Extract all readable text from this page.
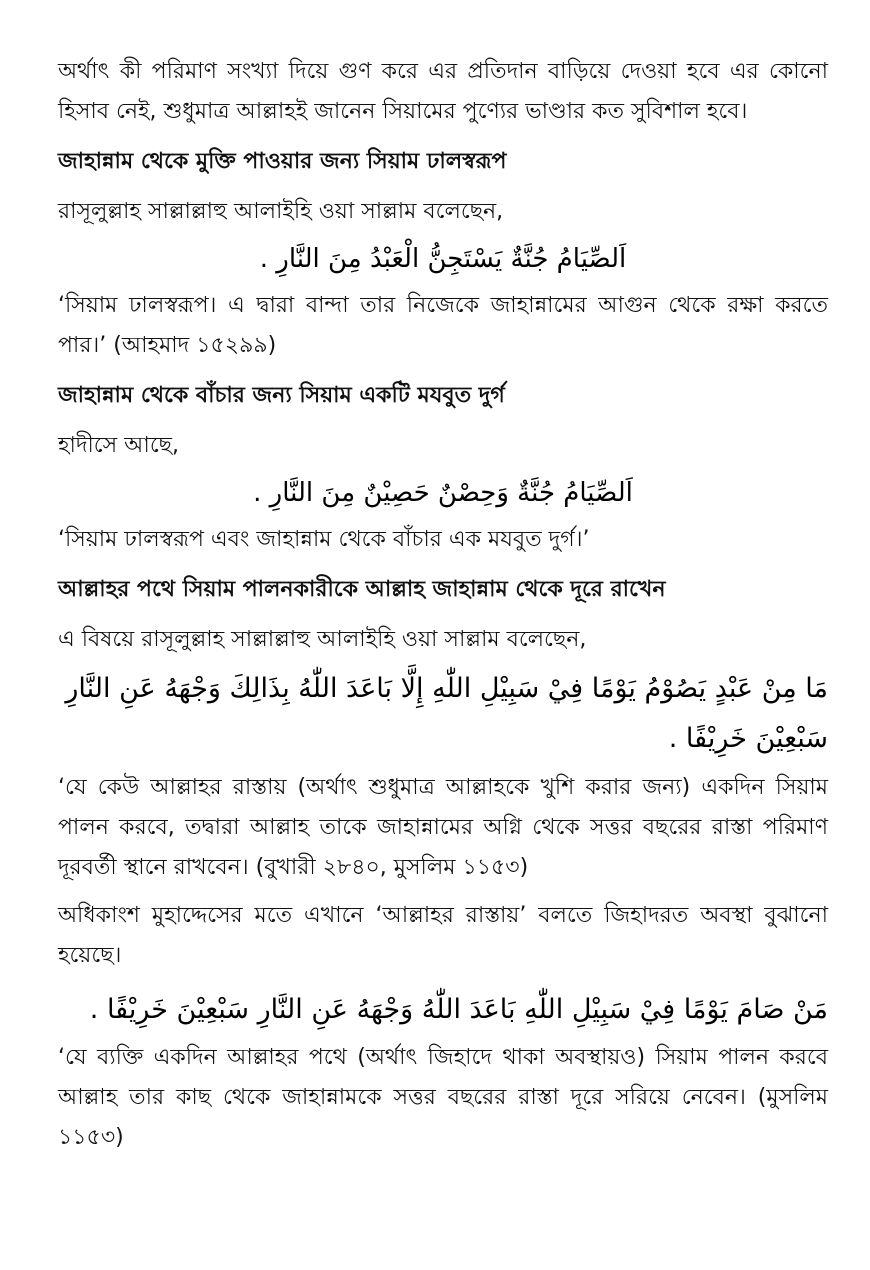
অর্থাৎ কী পরিমাণ সংখ্যা দিয়ে গুণ করে এর প্রতিদান বাড়িয়ে দেওয়া হবে এর কোনো হিসাব নেই, শুধুমাত্র আল্লাহই জানেন সিয়ামের পুণ্যের ভাণ্ডার কত সুবিশাল হবে।

জাহান্নাম থেকে মুক্তি পাওয়ার জন্য সিয়াম ঢালস্বরূপ
রাসূলুল্লাহ সাল্লাল্লাহু আলাইহি ওয়া সাল্লাম বলেছেন,
اَلصِّيَامُ جُنَّةٌ يَسْتَجِنُّ الْعَبْدُ مِنَ النَّارِ .

‘সিয়াম ঢালস্বরূপ। এ দ্বারা বান্দা তার নিজেকে জাহান্নামের আগুন থেকে রক্ষা করতে পার।’ (আহমাদ ১৫২৯৯)

জাহান্নাম থেকে বাঁচার জন্য সিয়াম একটি মযবুত দুর্গ
হাদীসে আছে,
اَلصِّيَامُ جُنَّةٌ وَحِصْنٌ حَصِيْنٌ مِنَ النَّارِ .

‘সিয়াম ঢালস্বরূপ এবং জাহান্নাম থেকে বাঁচার এক মযবুত দুর্গ।’

আল্লাহর পথে সিয়াম পালনকারীকে আল্লাহ জাহান্নাম থেকে দূরে রাখেন
এ বিষয়ে রাসূলুল্লাহ সাল্লাল্লাহু আলাইহি ওয়া সাল্লাম বলেছেন,
مَا مِنْ عَبْدٍ يَصُوْمُ يَوْمًا فِيْ سَبِيْلِ اللّٰهِ إِلَّا بَاعَدَ اللّٰهُ بِذَالِكَ وَجْهَهُ عَنِ النَّارِ سَبْعِيْنَ خَرِيْفًا .

‘যে কেউ আল্লাহর রাস্তায় (অর্থাৎ শুধুমাত্র আল্লাহকে খুশি করার জন্য) একদিন সিয়াম পালন করবে, তদ্বারা আল্লাহ তাকে জাহান্নামের অগ্নি থেকে সত্তর বছরের রাস্তা পরিমাণ দূরবর্তী স্থানে রাখবেন। (বুখারী ২৮৪০, মুসলিম ১১৫৩)

অধিকাংশ মুহাদ্দেসের মতে এখানে ‘আল্লাহর রাস্তায়’ বলতে জিহাদরত অবস্থা বুঝানো হয়েছে।

مَنْ صَامَ يَوْمًا فِيْ سَبِيْلِ اللّٰهِ بَاعَدَ اللّٰهُ وَجْهَهُ عَنِ النَّارِ سَبْعِيْنَ خَرِيْفًا .

‘যে ব্যক্তি একদিন আল্লাহর পথে (অর্থাৎ জিহাদে থাকা অবস্থায়ও) সিয়াম পালন করবে আল্লাহ তার কাছ থেকে জাহান্নামকে সত্তর বছরের রাস্তা দূরে সরিয়ে নেবেন। (মুসলিম ১১৫৩)
